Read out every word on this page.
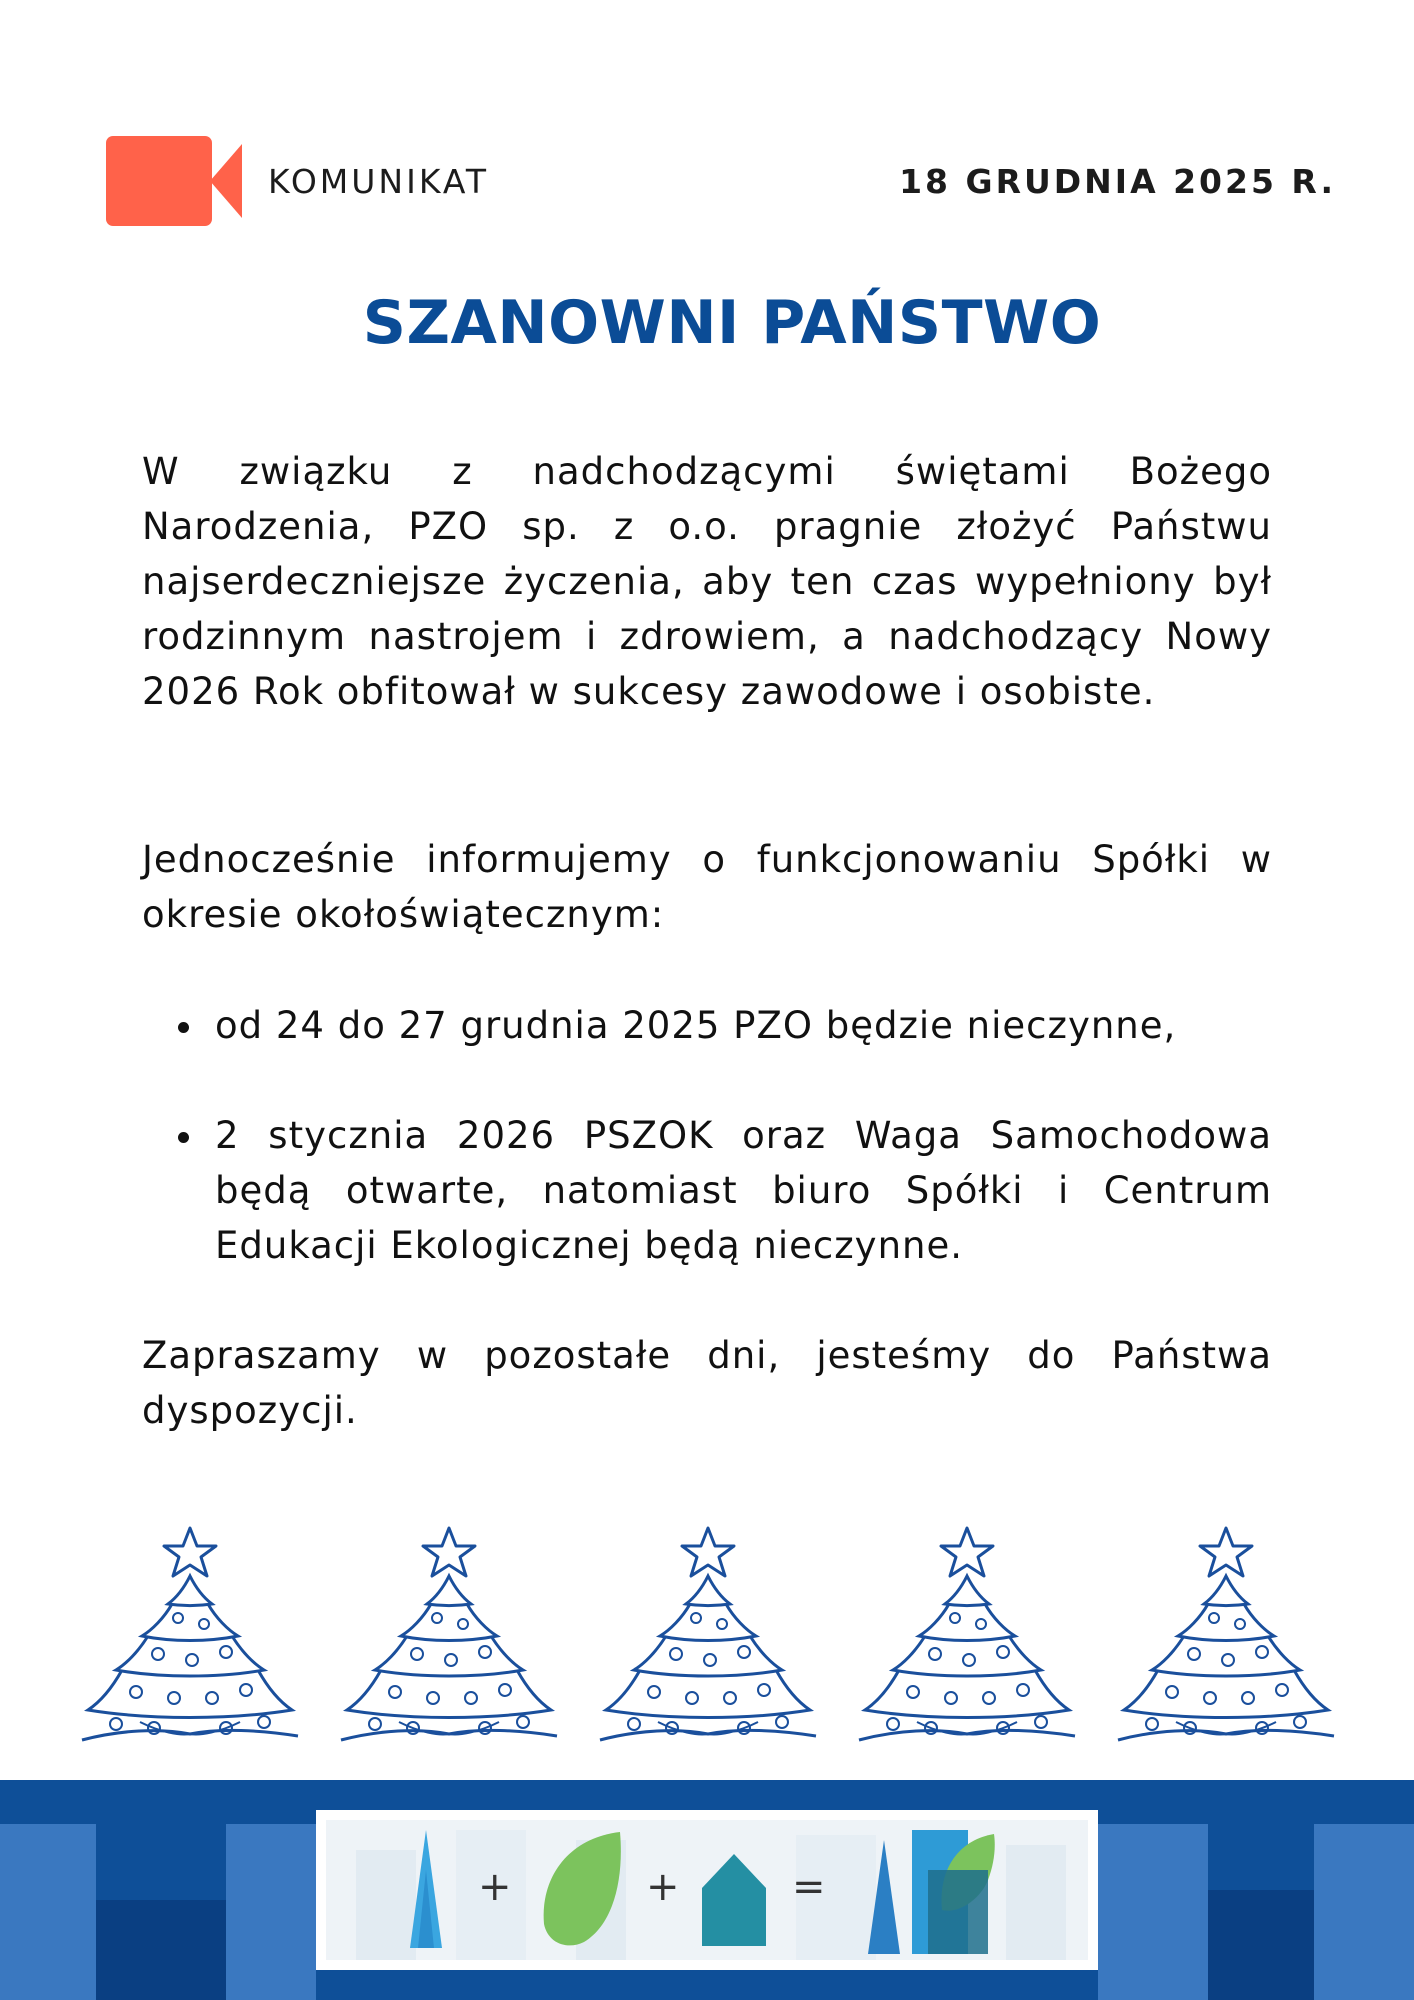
KOMUNIKAT	18 GRUDNIA 2025 R.
SZANOWNI PAŃSTWO

W związku z nadchodzącymi świętami Bożego Narodzenia, PZO sp. z o.o. pragnie złożyć Państwu najserdeczniejsze życzenia, aby ten czas wypełniony był rodzinnym nastrojem i zdrowiem, a nadchodzący Nowy 2026 Rok obfitował w sukcesy zawodowe i osobiste.

Jednocześnie informujemy o funkcjonowaniu Spółki w okresie okołoświątecznym:

od 24 do 27 grudnia 2025 PZO będzie nieczynne,
2 stycznia 2026 PSZOK oraz Waga Samochodowa będą otwarte, natomiast biuro Spółki i Centrum Edukacji Ekologicznej będą nieczynne.

Zapraszamy w pozostałe dni, jesteśmy do Państwa dyspozycji.

+	+	=
